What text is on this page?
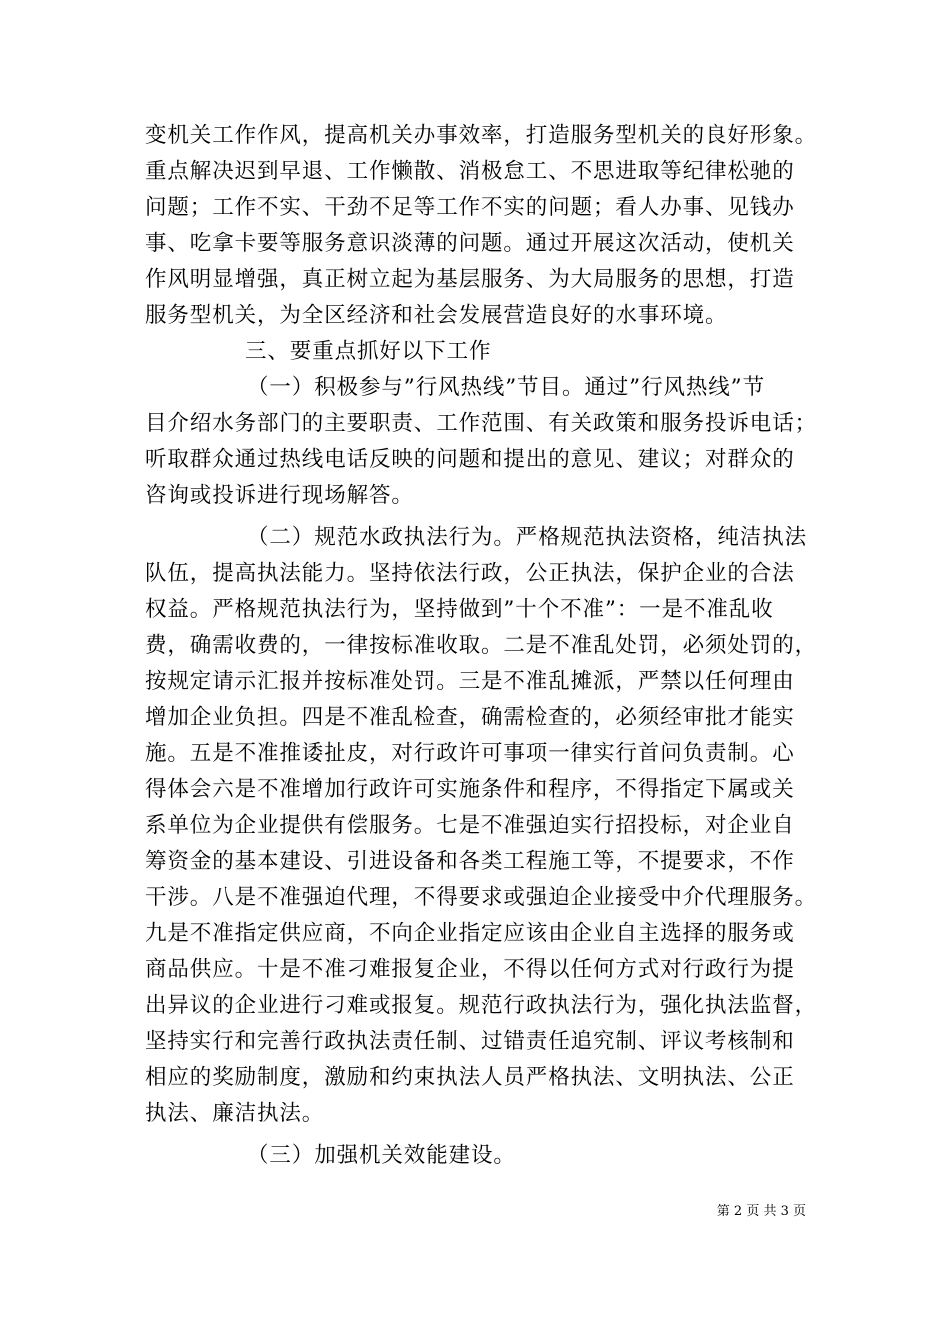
变机关工作作风，提高机关办事效率，打造服务型机关的良好形象。
重点解决迟到早退、工作懒散、消极怠工、不思进取等纪律松驰的
问题；工作不实、干劲不足等工作不实的问题；看人办事、见钱办
事、吃拿卡要等服务意识淡薄的问题。通过开展这次活动，使机关
作风明显增强，真正树立起为基层服务、为大局服务的思想，打造
服务型机关，为全区经济和社会发展营造良好的水事环境。
三、要重点抓好以下工作
（一）积极参与”行风热线”节目。通过”行风热线”节
目介绍水务部门的主要职责、工作范围、有关政策和服务投诉电话；
听取群众通过热线电话反映的问题和提出的意见、建议；对群众的
咨询或投诉进行现场解答。
（二）规范水政执法行为。严格规范执法资格，纯洁执法
队伍，提高执法能力。坚持依法行政，公正执法，保护企业的合法
权益。严格规范执法行为，坚持做到”十个不准”：一是不准乱收
费，确需收费的，一律按标准收取。二是不准乱处罚，必须处罚的，
按规定请示汇报并按标准处罚。三是不准乱摊派，严禁以任何理由
增加企业负担。四是不准乱检查，确需检查的，必须经审批才能实
施。五是不准推诿扯皮，对行政许可事项一律实行首问负责制。心
得体会六是不准增加行政许可实施条件和程序，不得指定下属或关
系单位为企业提供有偿服务。七是不准强迫实行招投标，对企业自
筹资金的基本建设、引进设备和各类工程施工等，不提要求，不作
干涉。八是不准强迫代理，不得要求或强迫企业接受中介代理服务。
九是不准指定供应商，不向企业指定应该由企业自主选择的服务或
商品供应。十是不准刁难报复企业，不得以任何方式对行政行为提
出异议的企业进行刁难或报复。规范行政执法行为，强化执法监督，
坚持实行和完善行政执法责任制、过错责任追究制、评议考核制和
相应的奖励制度，激励和约束执法人员严格执法、文明执法、公正
执法、廉洁执法。
（三）加强机关效能建设。
第 2 页 共 3 页
